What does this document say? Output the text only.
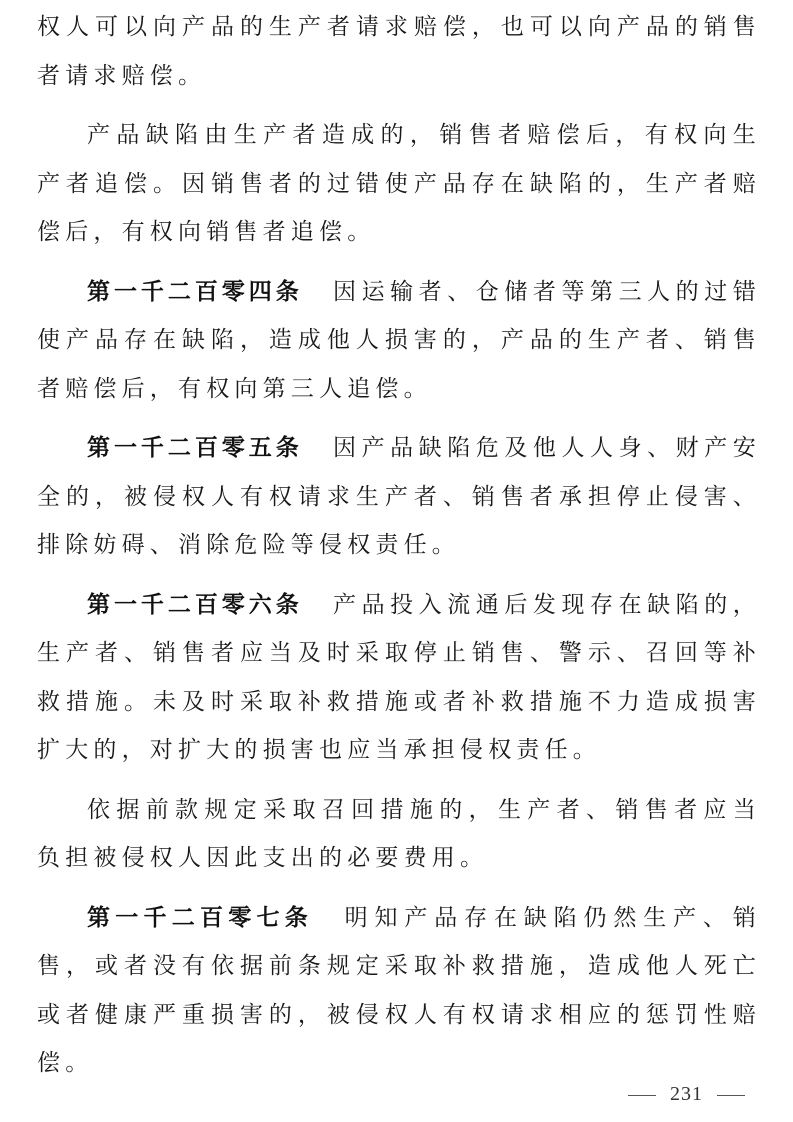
权人可以向产品的生产者请求赔偿，也可以向产品的销售者请求赔偿。

产品缺陷由生产者造成的，销售者赔偿后，有权向生产者追偿。因销售者的过错使产品存在缺陷的，生产者赔偿后，有权向销售者追偿。

第一千二百零四条 因运输者、仓储者等第三人的过错使产品存在缺陷，造成他人损害的，产品的生产者、销售者赔偿后，有权向第三人追偿。

第一千二百零五条 因产品缺陷危及他人人身、财产安全的，被侵权人有权请求生产者、销售者承担停止侵害、排除妨碍、消除危险等侵权责任。

第一千二百零六条 产品投入流通后发现存在缺陷的，生产者、销售者应当及时采取停止销售、警示、召回等补救措施。未及时采取补救措施或者补救措施不力造成损害扩大的，对扩大的损害也应当承担侵权责任。

依据前款规定采取召回措施的，生产者、销售者应当负担被侵权人因此支出的必要费用。

第一千二百零七条 明知产品存在缺陷仍然生产、销售，或者没有依据前条规定采取补救措施，造成他人死亡或者健康严重损害的，被侵权人有权请求相应的惩罚性赔偿。

231
